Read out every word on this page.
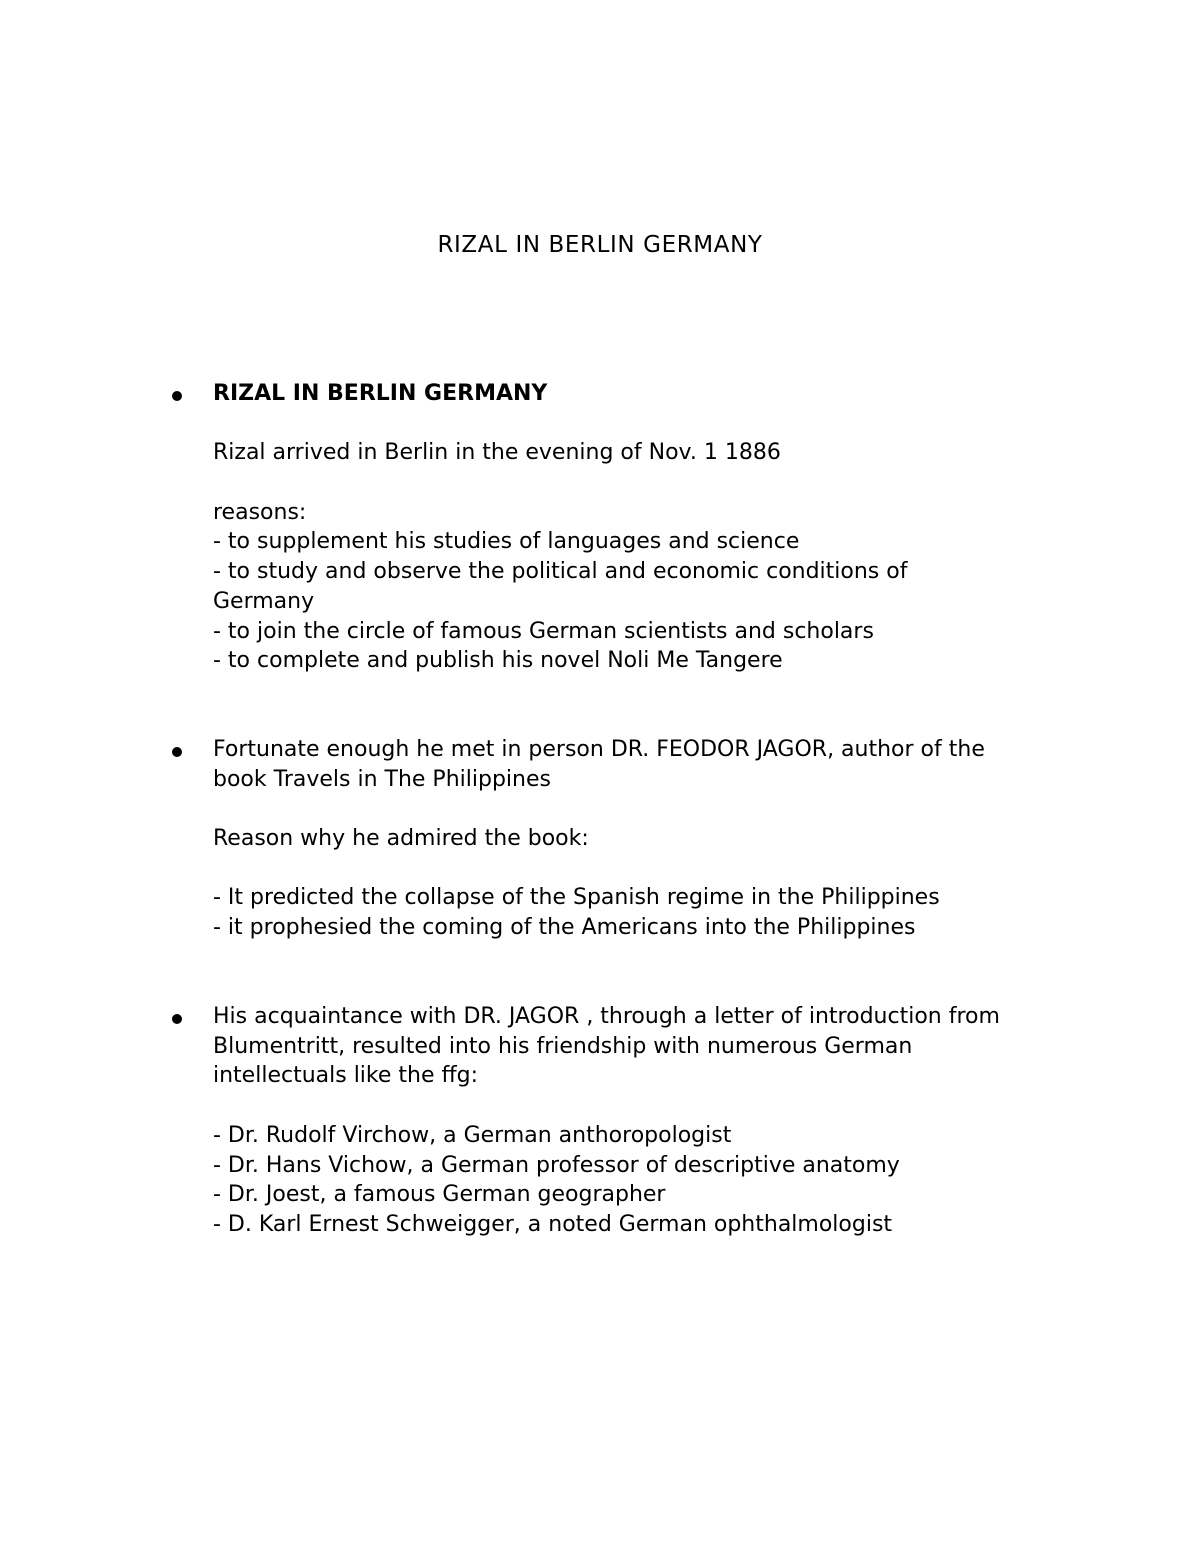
RIZAL IN BERLIN GERMANY
RIZAL IN BERLIN GERMANY
Rizal arrived in Berlin in the evening of Nov. 1 1886
reasons:
- to supplement his studies of languages and science
- to study and observe the political and economic conditions of
Germany
- to join the circle of famous German scientists and scholars
- to complete and publish his novel Noli Me Tangere
Fortunate enough he met in person DR. FEODOR JAGOR, author of the
book Travels in The Philippines
Reason why he admired the book:
- It predicted the collapse of the Spanish regime in the Philippines
- it prophesied the coming of the Americans into the Philippines
His acquaintance with DR. JAGOR , through a letter of introduction from
Blumentritt, resulted into his friendship with numerous German
intellectuals like the ffg:
- Dr. Rudolf Virchow, a German anthoropologist
- Dr. Hans Vichow, a German professor of descriptive anatomy
- Dr. Joest, a famous German geographer
- D. Karl Ernest Schweigger, a noted German ophthalmologist
